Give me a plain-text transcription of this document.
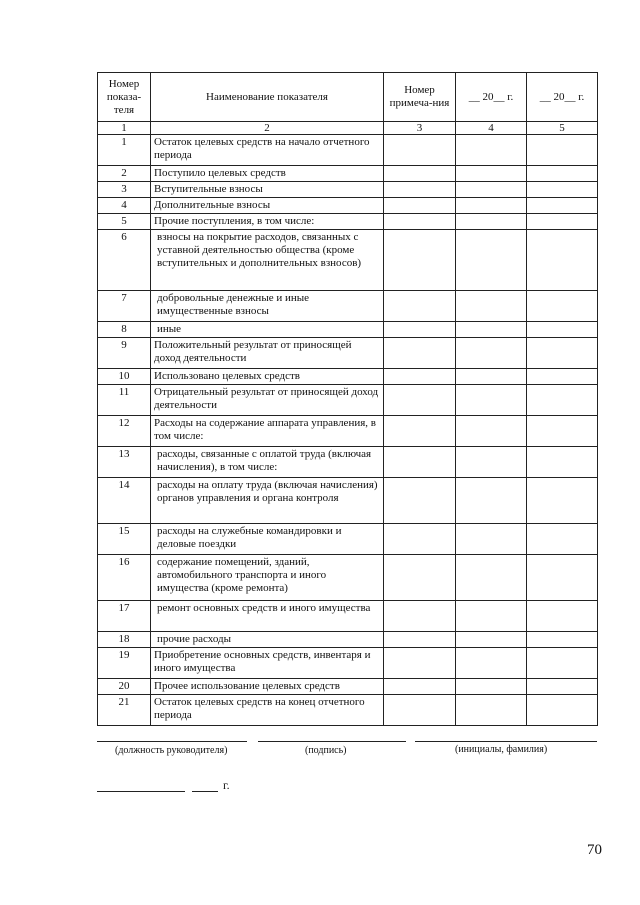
Номер показа-теля	Наименование показателя	Номер примеча-ния	__ 20__ г.	__ 20__ г.
1	2	3	4	5
1	Остаток целевых средств на начало отчетного периода			
2	Поступило целевых средств			
3	Вступительные взносы			
4	Дополнительные взносы			
5	Прочие поступления, в том числе:			
6	взносы на покрытие расходов, связанных с уставной деятельностью общества (кроме вступительных и дополнительных взносов)			
7	добровольные денежные и иные имущественные взносы			
8	иные			
9	Положительный результат от приносящей доход деятельности			
10	Использовано целевых средств			
11	Отрицательный результат от приносящей доход деятельности			
12	Расходы на содержание аппарата управления, в том числе:			
13	расходы, связанные с оплатой труда (включая начисления), в том числе:			
14	расходы на оплату труда (включая начисления) органов управления и органа контроля			
15	расходы на служебные командировки и деловые поездки			
16	содержание помещений, зданий, автомобильного транспорта и иного имущества (кроме ремонта)			
17	ремонт основных средств и иного имущества			
18	прочие расходы			
19	Приобретение основных средств, инвентаря и иного имущества			
20	Прочее использование целевых средств			
21	Остаток целевых средств на конец отчетного периода			
(должность руководителя)	(подпись)	(инициалы, фамилия)
г.
70
